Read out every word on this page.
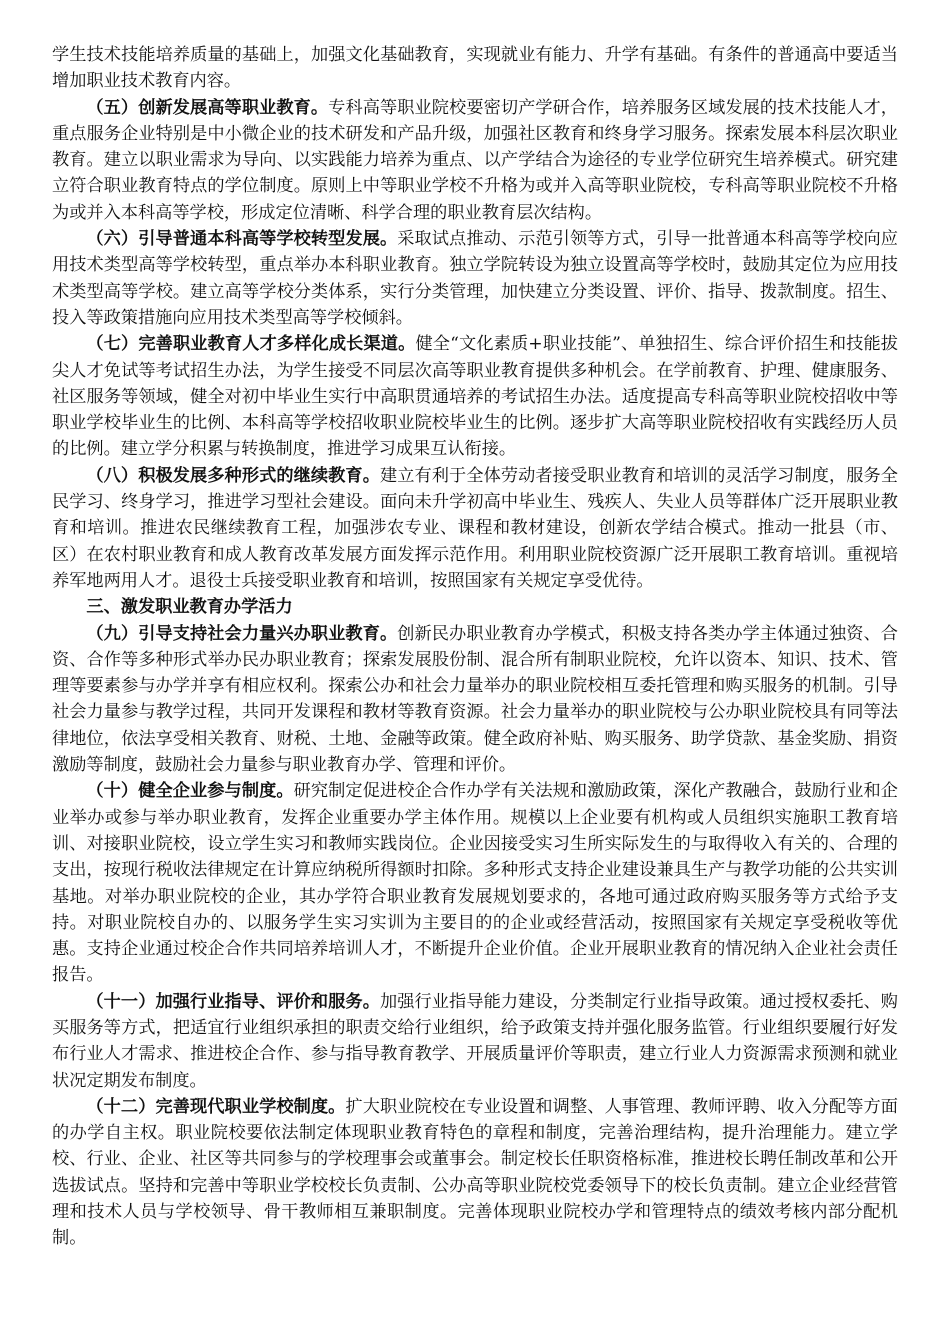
学生技术技能培养质量的基础上，加强文化基础教育，实现就业有能力、升学有基础。有条件的普通高中要适当增加职业技术教育内容。

（五）创新发展高等职业教育。专科高等职业院校要密切产学研合作，培养服务区域发展的技术技能人才，重点服务企业特别是中小微企业的技术研发和产品升级，加强社区教育和终身学习服务。探索发展本科层次职业教育。建立以职业需求为导向、以实践能力培养为重点、以产学结合为途径的专业学位研究生培养模式。研究建立符合职业教育特点的学位制度。原则上中等职业学校不升格为或并入高等职业院校，专科高等职业院校不升格为或并入本科高等学校，形成定位清晰、科学合理的职业教育层次结构。

（六）引导普通本科高等学校转型发展。采取试点推动、示范引领等方式，引导一批普通本科高等学校向应用技术类型高等学校转型，重点举办本科职业教育。独立学院转设为独立设置高等学校时，鼓励其定位为应用技术类型高等学校。建立高等学校分类体系，实行分类管理，加快建立分类设置、评价、指导、拨款制度。招生、投入等政策措施向应用技术类型高等学校倾斜。

（七）完善职业教育人才多样化成长渠道。健全“文化素质+职业技能”、单独招生、综合评价招生和技能拔尖人才免试等考试招生办法，为学生接受不同层次高等职业教育提供多种机会。在学前教育、护理、健康服务、社区服务等领域，健全对初中毕业生实行中高职贯通培养的考试招生办法。适度提高专科高等职业院校招收中等职业学校毕业生的比例、本科高等学校招收职业院校毕业生的比例。逐步扩大高等职业院校招收有实践经历人员的比例。建立学分积累与转换制度，推进学习成果互认衔接。

（八）积极发展多种形式的继续教育。建立有利于全体劳动者接受职业教育和培训的灵活学习制度，服务全民学习、终身学习，推进学习型社会建设。面向未升学初高中毕业生、残疾人、失业人员等群体广泛开展职业教育和培训。推进农民继续教育工程，加强涉农专业、课程和教材建设，创新农学结合模式。推动一批县（市、区）在农村职业教育和成人教育改革发展方面发挥示范作用。利用职业院校资源广泛开展职工教育培训。重视培养军地两用人才。退役士兵接受职业教育和培训，按照国家有关规定享受优待。

三、激发职业教育办学活力

（九）引导支持社会力量兴办职业教育。创新民办职业教育办学模式，积极支持各类办学主体通过独资、合资、合作等多种形式举办民办职业教育；探索发展股份制、混合所有制职业院校，允许以资本、知识、技术、管理等要素参与办学并享有相应权利。探索公办和社会力量举办的职业院校相互委托管理和购买服务的机制。引导社会力量参与教学过程，共同开发课程和教材等教育资源。社会力量举办的职业院校与公办职业院校具有同等法律地位，依法享受相关教育、财税、土地、金融等政策。健全政府补贴、购买服务、助学贷款、基金奖励、捐资激励等制度，鼓励社会力量参与职业教育办学、管理和评价。

（十）健全企业参与制度。研究制定促进校企合作办学有关法规和激励政策，深化产教融合，鼓励行业和企业举办或参与举办职业教育，发挥企业重要办学主体作用。规模以上企业要有机构或人员组织实施职工教育培训、对接职业院校，设立学生实习和教师实践岗位。企业因接受实习生所实际发生的与取得收入有关的、合理的支出，按现行税收法律规定在计算应纳税所得额时扣除。多种形式支持企业建设兼具生产与教学功能的公共实训基地。对举办职业院校的企业，其办学符合职业教育发展规划要求的，各地可通过政府购买服务等方式给予支持。对职业院校自办的、以服务学生实习实训为主要目的的企业或经营活动，按照国家有关规定享受税收等优惠。支持企业通过校企合作共同培养培训人才，不断提升企业价值。企业开展职业教育的情况纳入企业社会责任报告。

（十一）加强行业指导、评价和服务。加强行业指导能力建设，分类制定行业指导政策。通过授权委托、购买服务等方式，把适宜行业组织承担的职责交给行业组织，给予政策支持并强化服务监管。行业组织要履行好发布行业人才需求、推进校企合作、参与指导教育教学、开展质量评价等职责，建立行业人力资源需求预测和就业状况定期发布制度。

（十二）完善现代职业学校制度。扩大职业院校在专业设置和调整、人事管理、教师评聘、收入分配等方面的办学自主权。职业院校要依法制定体现职业教育特色的章程和制度，完善治理结构，提升治理能力。建立学校、行业、企业、社区等共同参与的学校理事会或董事会。制定校长任职资格标准，推进校长聘任制改革和公开选拔试点。坚持和完善中等职业学校校长负责制、公办高等职业院校党委领导下的校长负责制。建立企业经营管理和技术人员与学校领导、骨干教师相互兼职制度。完善体现职业院校办学和管理特点的绩效考核内部分配机制。
